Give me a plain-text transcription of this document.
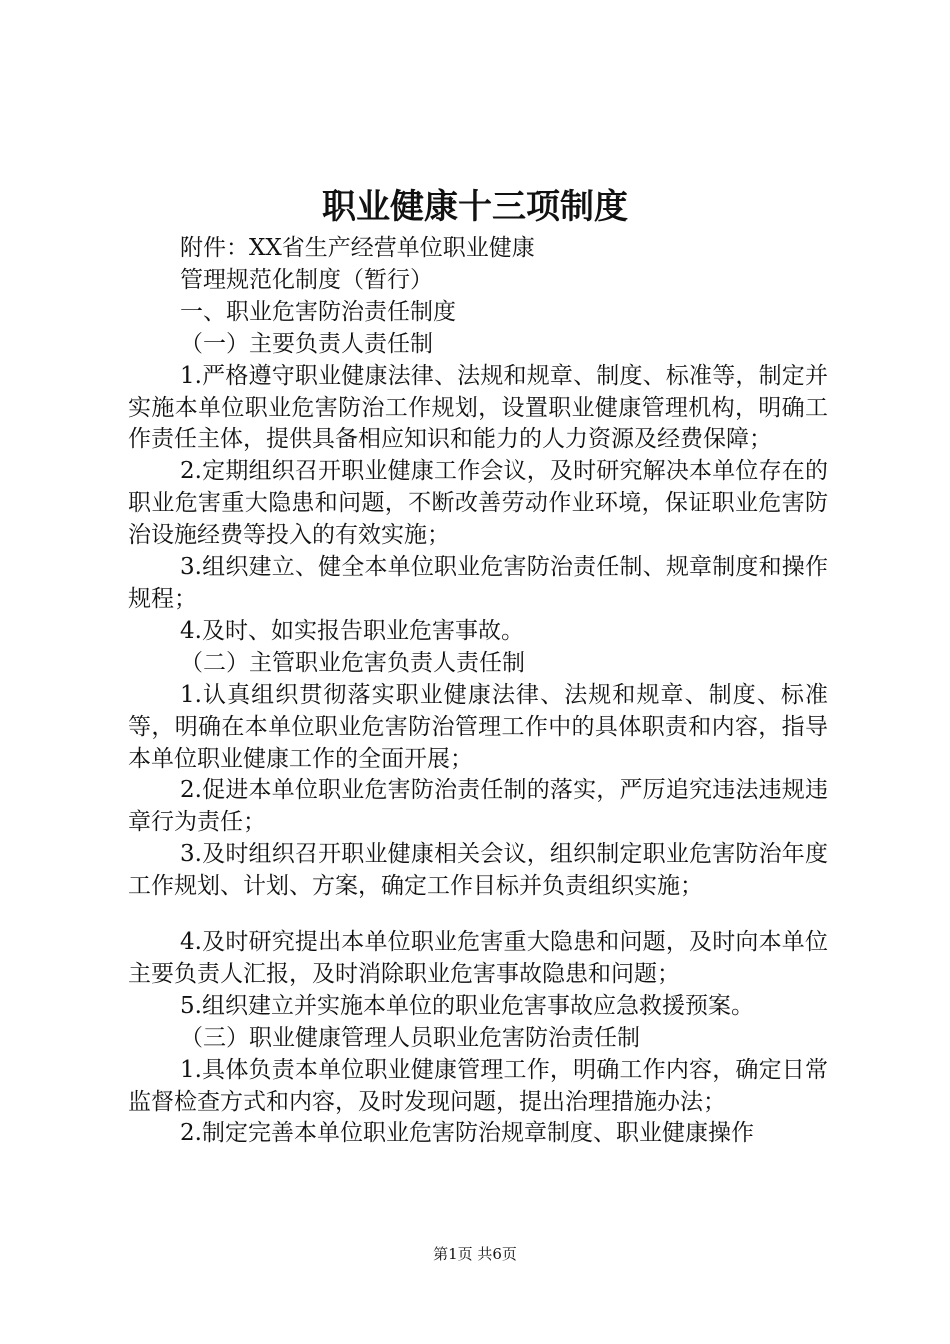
职业健康十三项制度

附件：XX省生产经营单位职业健康

管理规范化制度（暂行）

一、职业危害防治责任制度

（一）主要负责人责任制

1.严格遵守职业健康法律、法规和规章、制度、标准等，制定并实施本单位职业危害防治工作规划，设置职业健康管理机构，明确工作责任主体，提供具备相应知识和能力的人力资源及经费保障；

2.定期组织召开职业健康工作会议，及时研究解决本单位存在的职业危害重大隐患和问题，不断改善劳动作业环境，保证职业危害防治设施经费等投入的有效实施；

3.组织建立、健全本单位职业危害防治责任制、规章制度和操作规程；

4.及时、如实报告职业危害事故。

（二）主管职业危害负责人责任制

1.认真组织贯彻落实职业健康法律、法规和规章、制度、标准等，明确在本单位职业危害防治管理工作中的具体职责和内容，指导本单位职业健康工作的全面开展；

2.促进本单位职业危害防治责任制的落实，严厉追究违法违规违章行为责任；

3.及时组织召开职业健康相关会议，组织制定职业危害防治年度工作规划、计划、方案，确定工作目标并负责组织实施；

4.及时研究提出本单位职业危害重大隐患和问题，及时向本单位主要负责人汇报，及时消除职业危害事故隐患和问题；

5.组织建立并实施本单位的职业危害事故应急救援预案。

（三）职业健康管理人员职业危害防治责任制

1.具体负责本单位职业健康管理工作，明确工作内容，确定日常监督检查方式和内容，及时发现问题，提出治理措施办法；

2.制定完善本单位职业危害防治规章制度、职业健康操作

第1页 共6页
